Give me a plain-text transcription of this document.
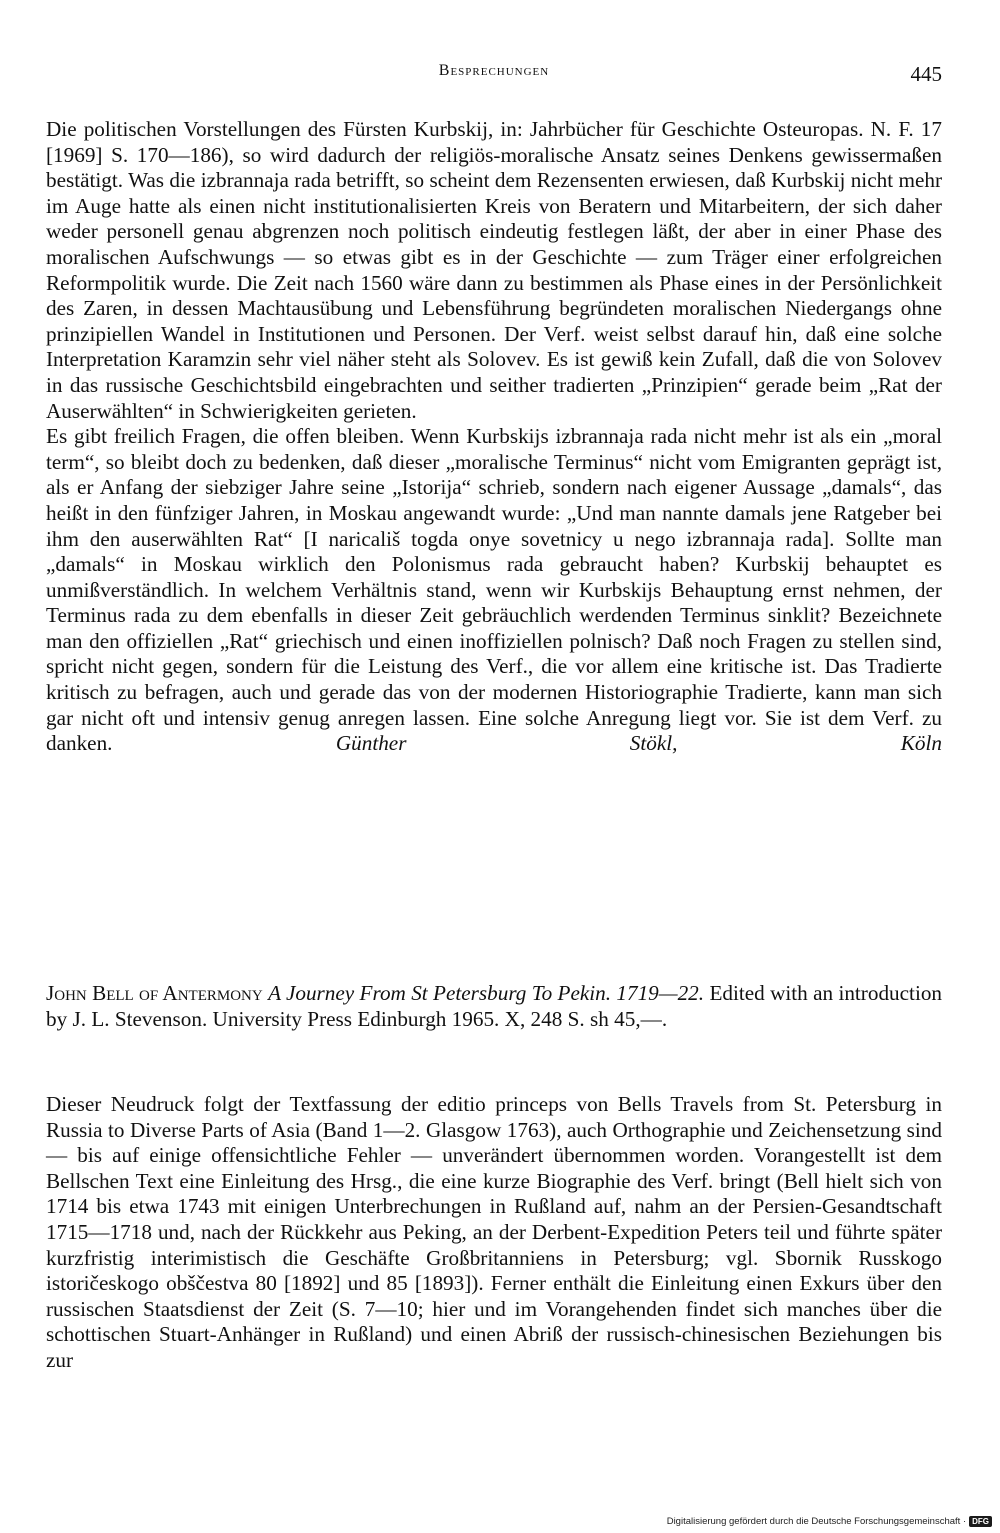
Besprechungen	445

Die politischen Vorstellungen des Fürsten Kurbskij, in: Jahrbücher für Geschichte Osteuropas. N. F. 17 [1969] S. 170—186), so wird dadurch der religiös-moralische Ansatz seines Denkens gewissermaßen bestätigt. Was die izbrannaja rada betrifft, so scheint dem Rezensenten erwiesen, daß Kurbskij nicht mehr im Auge hatte als einen nicht institutionalisierten Kreis von Beratern und Mitarbeitern, der sich daher weder personell genau abgrenzen noch politisch eindeutig festlegen läßt, der aber in einer Phase des moralischen Aufschwungs — so etwas gibt es in der Geschichte — zum Träger einer erfolgreichen Reformpolitik wurde. Die Zeit nach 1560 wäre dann zu bestimmen als Phase eines in der Persönlichkeit des Zaren, in dessen Machtausübung und Lebensführung begründeten moralischen Niedergangs ohne prinzipiellen Wandel in Institutionen und Personen. Der Verf. weist selbst darauf hin, daß eine solche Interpretation Karamzin sehr viel näher steht als Solovev. Es ist gewiß kein Zufall, daß die von Solovev in das russische Geschichtsbild eingebrachten und seither tradierten „Prinzipien“ gerade beim „Rat der Auserwählten“ in Schwierigkeiten gerieten.

Es gibt freilich Fragen, die offen bleiben. Wenn Kurbskijs izbrannaja rada nicht mehr ist als ein „moral term“, so bleibt doch zu bedenken, daß dieser „moralische Terminus“ nicht vom Emigranten geprägt ist, als er Anfang der siebziger Jahre seine „Istorija“ schrieb, sondern nach eigener Aussage „damals“, das heißt in den fünfziger Jahren, in Moskau angewandt wurde: „Und man nannte damals jene Ratgeber bei ihm den auserwählten Rat“ [I naricališ togda onye sovetnicy u nego izbrannaja rada]. Sollte man „damals“ in Moskau wirklich den Polonismus rada gebraucht haben? Kurbskij behauptet es unmißverständlich. In welchem Verhältnis stand, wenn wir Kurbskijs Behauptung ernst nehmen, der Terminus rada zu dem ebenfalls in dieser Zeit gebräuchlich werdenden Terminus sinklit? Bezeichnete man den offiziellen „Rat“ griechisch und einen inoffiziellen polnisch? Daß noch Fragen zu stellen sind, spricht nicht gegen, sondern für die Leistung des Verf., die vor allem eine kritische ist. Das Tradierte kritisch zu befragen, auch und gerade das von der modernen Historiographie Tradierte, kann man sich gar nicht oft und intensiv genug anregen lassen. Eine solche Anregung liegt vor. Sie ist dem Verf. zu danken.	Günther Stökl, Köln

John Bell of Antermony A Journey From St Petersburg To Pekin. 1719—22. Edited with an introduction by J. L. Stevenson. University Press Edinburgh 1965. X, 248 S. sh 45,—.

Dieser Neudruck folgt der Textfassung der editio princeps von Bells Travels from St. Petersburg in Russia to Diverse Parts of Asia (Band 1—2. Glasgow 1763), auch Orthographie und Zeichensetzung sind — bis auf einige offensichtliche Fehler — unverändert übernommen worden. Vorangestellt ist dem Bellschen Text eine Einleitung des Hrsg., die eine kurze Biographie des Verf. bringt (Bell hielt sich von 1714 bis etwa 1743 mit einigen Unterbrechungen in Rußland auf, nahm an der Persien-Gesandtschaft 1715—1718 und, nach der Rückkehr aus Peking, an der Derbent-Expedition Peters teil und führte später kurzfristig interimistisch die Geschäfte Großbritanniens in Petersburg; vgl. Sbornik Russkogo istoričeskogo obščestva 80 [1892] und 85 [1893]). Ferner enthält die Einleitung einen Exkurs über den russischen Staatsdienst der Zeit (S. 7—10; hier und im Vorangehenden findet sich manches über die schottischen Stuart-Anhänger in Rußland) und einen Abriß der russisch-chinesischen Beziehungen bis zur

Digitalisierung gefördert durch die Deutsche Forschungsgemeinschaft · DFG
